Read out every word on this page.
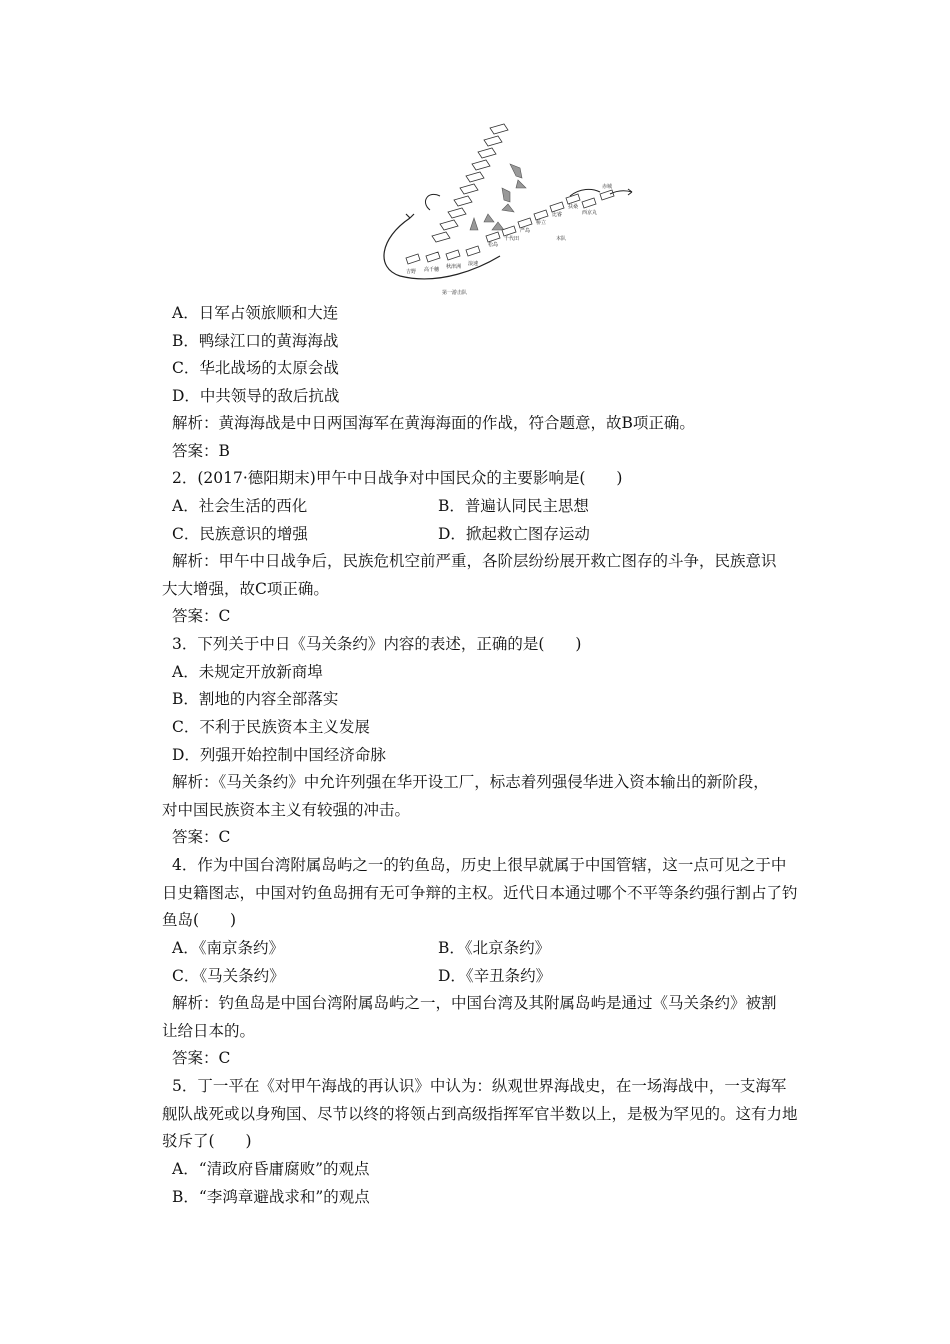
吉野 高千穗 秋津洲 浪速
松岛
千代田
严岛
桥立
比睿
扶桑
西京丸
赤城
本队
第一游击队
A．日军占领旅顺和大连
B．鸭绿江口的黄海海战
C．华北战场的太原会战
D．中共领导的敌后抗战
解析：黄海海战是中日两国海军在黄海海面的作战，符合题意，故B项正确。
答案：B
2．(2017·德阳期末)甲午中日战争对中国民众的主要影响是(　　)
A．社会生活的西化	B．普遍认同民主思想
C．民族意识的增强	D．掀起救亡图存运动
解析：甲午中日战争后，民族危机空前严重，各阶层纷纷展开救亡图存的斗争，民族意识
大大增强，故C项正确。
答案：C
3．下列关于中日《马关条约》内容的表述，正确的是(　　)
A．未规定开放新商埠
B．割地的内容全部落实
C．不利于民族资本主义发展
D．列强开始控制中国经济命脉
解析：《马关条约》中允许列强在华开设工厂，标志着列强侵华进入资本输出的新阶段，
对中国民族资本主义有较强的冲击。
答案：C
4．作为中国台湾附属岛屿之一的钓鱼岛，历史上很早就属于中国管辖，这一点可见之于中
日史籍图志，中国对钓鱼岛拥有无可争辩的主权。近代日本通过哪个不平等条约强行割占了钓
鱼岛(　　)
A．《南京条约》	B．《北京条约》
C．《马关条约》	D．《辛丑条约》
解析：钓鱼岛是中国台湾附属岛屿之一，中国台湾及其附属岛屿是通过《马关条约》被割
让给日本的。
答案：C
5．丁一平在《对甲午海战的再认识》中认为：纵观世界海战史，在一场海战中，一支海军
舰队战死或以身殉国、尽节以终的将领占到高级指挥军官半数以上，是极为罕见的。这有力地
驳斥了(　　)
A．“清政府昏庸腐败”的观点
B．“李鸿章避战求和”的观点
